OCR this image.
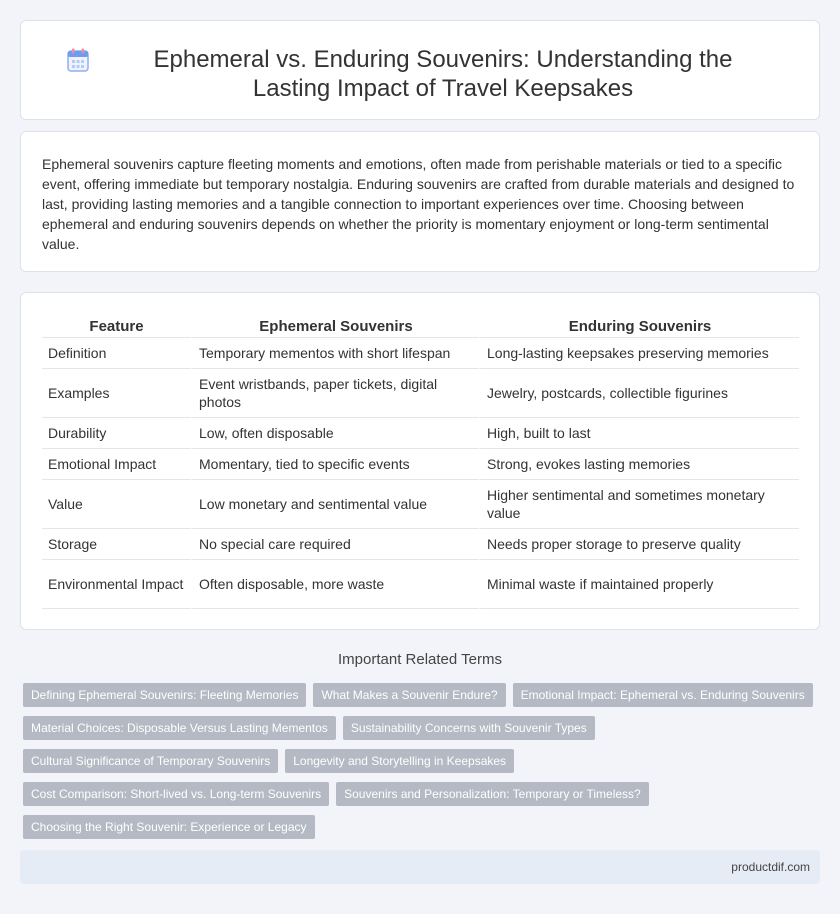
Ephemeral vs. Enduring Souvenirs: Understanding the Lasting Impact of Travel Keepsakes

Ephemeral souvenirs capture fleeting moments and emotions, often made from perishable materials or tied to a specific event, offering immediate but temporary nostalgia. Enduring souvenirs are crafted from durable materials and designed to last, providing lasting memories and a tangible connection to important experiences over time. Choosing between ephemeral and enduring souvenirs depends on whether the priority is momentary enjoyment or long-term sentimental value.

Feature	Ephemeral Souvenirs	Enduring Souvenirs
Definition	Temporary mementos with short lifespan	Long-lasting keepsakes preserving memories
Examples	Event wristbands, paper tickets, digital photos	Jewelry, postcards, collectible figurines
Durability	Low, often disposable	High, built to last
Emotional Impact	Momentary, tied to specific events	Strong, evokes lasting memories
Value	Low monetary and sentimental value	Higher sentimental and sometimes monetary value
Storage	No special care required	Needs proper storage to preserve quality
Environmental Impact	Often disposable, more waste	Minimal waste if maintained properly
Important Related Terms
Defining Ephemeral Souvenirs: Fleeting Memories	What Makes a Souvenir Endure?	Emotional Impact: Ephemeral vs. Enduring Souvenirs
Material Choices: Disposable Versus Lasting Mementos	Sustainability Concerns with Souvenir Types
Cultural Significance of Temporary Souvenirs	Longevity and Storytelling in Keepsakes
Cost Comparison: Short-lived vs. Long-term Souvenirs	Souvenirs and Personalization: Temporary or Timeless?
Choosing the Right Souvenir: Experience or Legacy
productdif.com
